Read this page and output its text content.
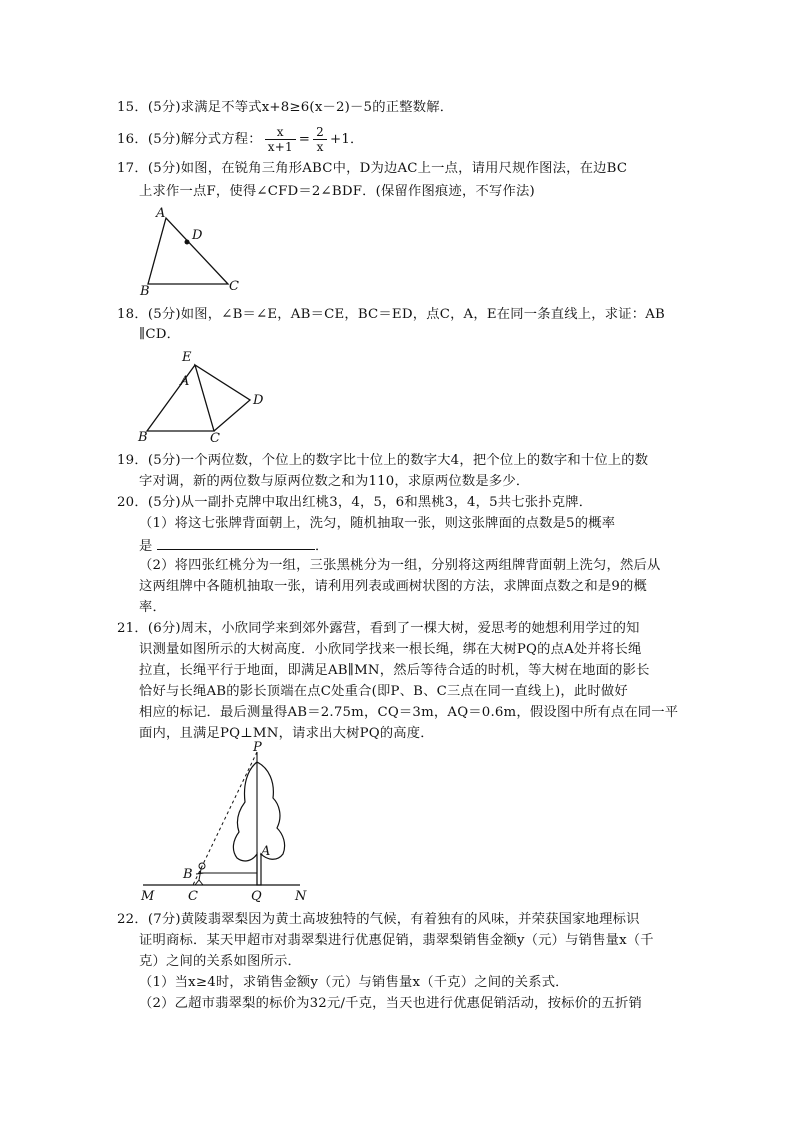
15．(5分)求满足不等式x+8≥6(x－2)－5的正整数解．
16．(5分)解分式方程： $\frac{x}{x+1} = \frac{2}{x} +1$．
17．(5分)如图，在锐角三角形ABC中，D为边AC上一点，请用尺规作图法，在边BC
上求作一点F，使得∠CFD＝2∠BDF．(保留作图痕迹，不写作法)
A
D
B	C
18．(5分)如图，∠B＝∠E，AB＝CE，BC＝ED，点C，A，E在同一条直线上，求证：AB
∥CD．
E
A
D
B	C
19．(5分)一个两位数，个位上的数字比十位上的数字大4，把个位上的数字和十位上的数
字对调，新的两位数与原两位数之和为110，求原两位数是多少．
20．(5分)从一副扑克牌中取出红桃3，4，5，6和黑桃3，4，5共七张扑克牌．
（1）将这七张牌背面朝上，洗匀，随机抽取一张，则这张牌面的点数是5的概率
是	．
（2）将四张红桃分为一组，三张黑桃分为一组，分别将这两组牌背面朝上洗匀，然后从
这两组牌中各随机抽取一张，请利用列表或画树状图的方法，求牌面点数之和是9的概
率．
21．(6分)周末，小欣同学来到郊外露营，看到了一棵大树，爱思考的她想利用学过的知
识测量如图所示的大树高度．小欣同学找来一根长绳，绑在大树PQ的点A处并将长绳
拉直，长绳平行于地面，即满足AB∥MN，然后等待合适的时机，等大树在地面的影长
恰好与长绳AB的影长顶端在点C处重合(即P、B、C三点在同一直线上)，此时做好
相应的标记．最后测量得AB＝2.75m，CQ＝3m，AQ＝0.6m，假设图中所有点在同一平
面内，且满足PQ⊥MN，请求出大树PQ的高度．
P
A
B
C	Q
M	N
22．(7分)黄陵翡翠梨因为黄土高坡独特的气候，有着独有的风味，并荣获国家地理标识
证明商标．某天甲超市对翡翠梨进行优惠促销，翡翠梨销售金额y（元）与销售量x（千
克）之间的关系如图所示．
（1）当x≥4时，求销售金额y（元）与销售量x（千克）之间的关系式．
（2）乙超市翡翠梨的标价为32元/千克，当天也进行优惠促销活动，按标价的五折销
